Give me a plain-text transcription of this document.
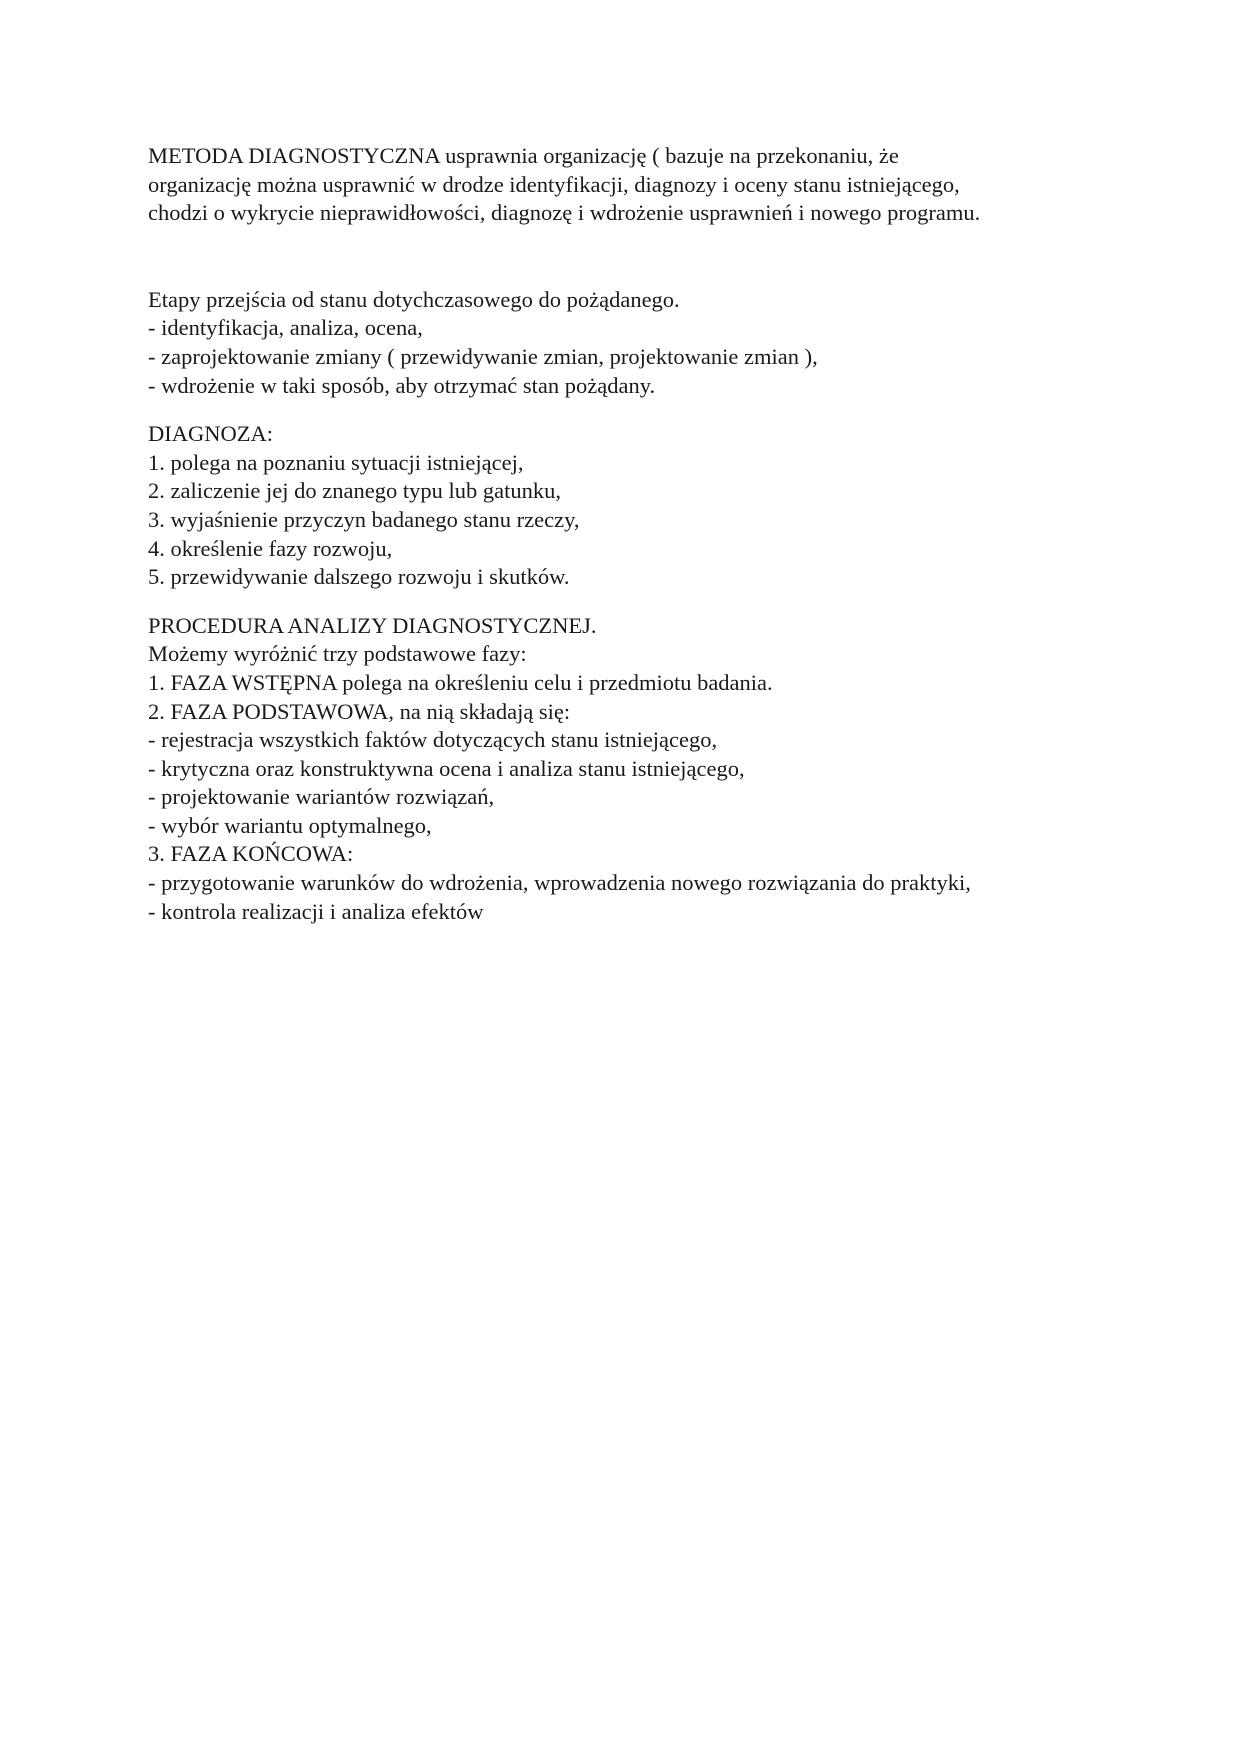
METODA DIAGNOSTYCZNA usprawnia organizację ( bazuje na przekonaniu, że
organizację można usprawnić w drodze identyfikacji, diagnozy i oceny stanu istniejącego,
chodzi o wykrycie nieprawidłowości, diagnozę i wdrożenie usprawnień i nowego programu.
Etapy przejścia od stanu dotychczasowego do pożądanego.
- identyfikacja, analiza, ocena,
- zaprojektowanie zmiany ( przewidywanie zmian, projektowanie zmian ),
- wdrożenie w taki sposób, aby otrzymać stan pożądany.
DIAGNOZA:
1. polega na poznaniu sytuacji istniejącej,
2. zaliczenie jej do znanego typu lub gatunku,
3. wyjaśnienie przyczyn badanego stanu rzeczy,
4. określenie fazy rozwoju,
5. przewidywanie dalszego rozwoju i skutków.
PROCEDURA ANALIZY DIAGNOSTYCZNEJ.
Możemy wyróżnić trzy podstawowe fazy:
1. FAZA WSTĘPNA polega na określeniu celu i przedmiotu badania.
2. FAZA PODSTAWOWA, na nią składają się:
- rejestracja wszystkich faktów dotyczących stanu istniejącego,
- krytyczna oraz konstruktywna ocena i analiza stanu istniejącego,
- projektowanie wariantów rozwiązań,
- wybór wariantu optymalnego,
3. FAZA KOŃCOWA:
- przygotowanie warunków do wdrożenia, wprowadzenia nowego rozwiązania do praktyki,
- kontrola realizacji i analiza efektów
